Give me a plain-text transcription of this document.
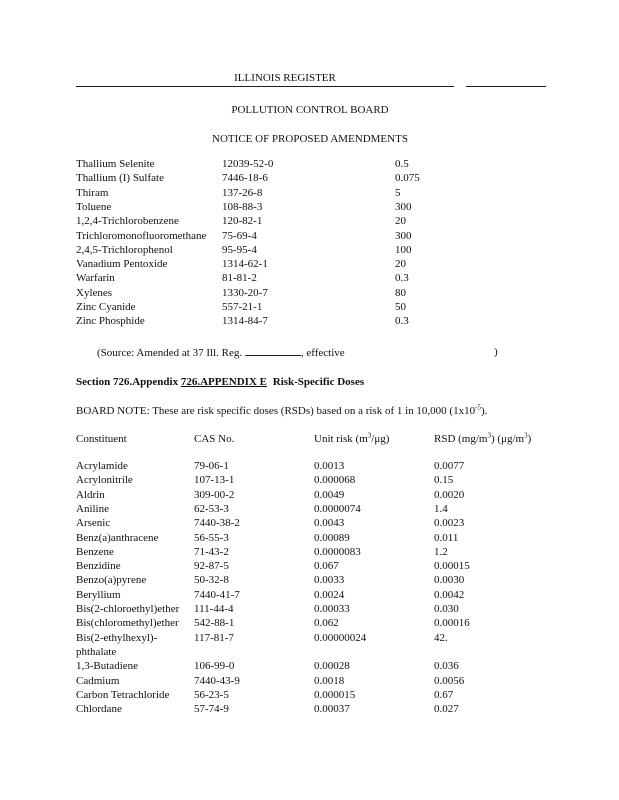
ILLINOIS REGISTER
POLLUTION CONTROL BOARD
NOTICE OF PROPOSED AMENDMENTS
Thallium Selenite	12039-52-0	0.5
Thallium (I) Sulfate	7446-18-6	0.075
Thiram	137-26-8	5
Toluene	108-88-3	300
1,2,4-Trichlorobenzene	120-82-1	20
Trichloromonofluoromethane 75-69-4	300
2,4,5-Trichlorophenol	95-95-4	100
Vanadium Pentoxide	1314-62-1	20
Warfarin	81-81-2	0.3
Xylenes	1330-20-7	80
Zinc Cyanide	557-21-1	50
Zinc Phosphide	1314-84-7	0.3
(Source: Amended at 37 Ill. Reg.	, effective	)
Section 726.Appendix 726.APPENDIX E Risk-Specific Doses
BOARD NOTE: These are risk specific doses (RSDs) based on a risk of 1 in 10,000 $(1x10^{-5})$.
Constituent	CAS No.	Unit risk $(m^3/\mu g)$	RSD $(mg/m^3)$ $(\mu g/m^3)$
Acrylamide	79-06-1	0.0013	0.0077
Acrylonitrile	107-13-1	0.000068	0.15
Aldrin	309-00-2	0.0049	0.0020
Aniline	62-53-3	0.0000074	1.4
Arsenic	7440-38-2	0.0043	0.0023
Benz(a)anthracene	56-55-3	0.00089	0.011
Benzene	71-43-2	0.0000083	1.2
Benzidine	92-87-5	0.067	0.00015
Benzo(a)pyrene	50-32-8	0.0033	0.0030
Beryllium	7440-41-7	0.0024	0.0042
Bis(2-chloroethyl)ether 111-44-4	0.00033	0.030
Bis(chloromethyl)ether 542-88-1	0.062	0.00016
Bis(2-ethylhexyl)-	117-81-7	0.00000024	42.
phthalate
1,3-Butadiene	106-99-0	0.00028	0.036
Cadmium	7440-43-9	0.0018	0.0056
Carbon Tetrachloride 56-23-5	0.000015	0.67
Chlordane	57-74-9	0.00037	0.027
